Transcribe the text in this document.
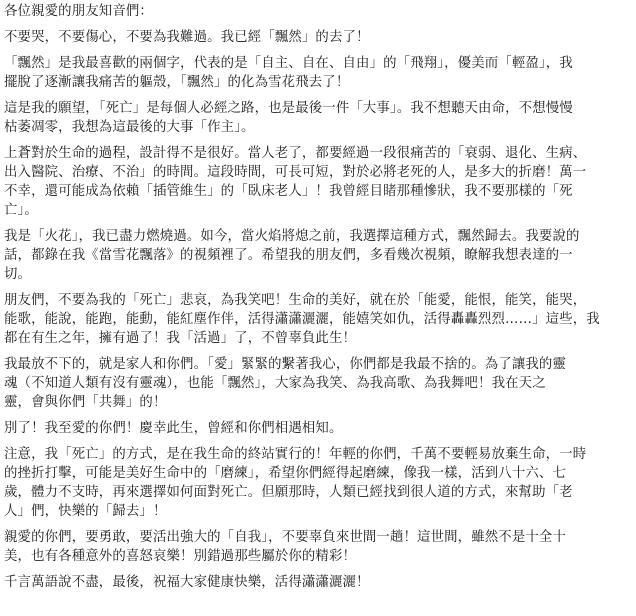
各位親愛的朋友知音們：
不要哭，不要傷心，不要為我難過。我已經「飄然」的去了！
「飄然」是我最喜歡的兩個字，代表的是「自主、自在、自由」的「飛翔」，優美而「輕盈」，我
擺脫了逐漸讓我痛苦的軀殼，「飄然」的化為雪花飛去了！
這是我的願望，「死亡」是每個人必經之路，也是最後一件「大事」。我不想聽天由命，不想慢慢
枯萎凋零，我想為這最後的大事「作主」。
上蒼對於生命的過程，設計得不是很好。當人老了，都要經過一段很痛苦的「衰弱、退化、生病、
出入醫院、治療、不治」的時間。這段時間，可長可短，對於必將老死的人，是多大的折磨！萬一
不幸，還可能成為依賴「插管維生」的「臥床老人」！我曾經目睹那種慘狀，我不要那樣的「死
亡」。
我是「火花」，我已盡力燃燒過。如今，當火焰將熄之前，我選擇這種方式，飄然歸去。我要說的
話，都錄在我《當雪花飄落》的視頻裡了。希望我的朋友們，多看幾次視頻，瞭解我想表達的一
切。
朋友們，不要為我的「死亡」悲哀，為我笑吧！生命的美好，就在於「能愛，能恨，能笑，能哭，
能歌，能說，能跑，能動，能紅塵作伴，活得瀟瀟灑灑，能嬉笑如仇，活得轟轟烈烈……」這些，我
都在有生之年，擁有過了！我「活過」了，不曾辜負此生！
我最放不下的，就是家人和你們。「愛」緊緊的繫著我心，你們都是我最不捨的。為了讓我的靈
魂（不知道人類有沒有靈魂），也能「飄然」，大家為我笑、為我高歌、為我舞吧！我在天之
靈，會與你們「共舞」的！
別了！我至愛的你們！慶幸此生，曾經和你們相遇相知。
注意，我「死亡」的方式，是在我生命的終站實行的！年輕的你們，千萬不要輕易放棄生命，一時
的挫折打擊，可能是美好生命中的「磨練」，希望你們經得起磨練，像我一樣，活到八十六、七
歲，體力不支時，再來選擇如何面對死亡。但願那時，人類已經找到很人道的方式，來幫助「老
人」們，快樂的「歸去」！
親愛的你們，要勇敢，要活出強大的「自我」，不要辜負來世間一趟！這世間，雖然不是十全十
美，也有各種意外的喜怒哀樂！別錯過那些屬於你的精彩！
千言萬語說不盡，最後，祝福大家健康快樂，活得瀟瀟灑灑！
